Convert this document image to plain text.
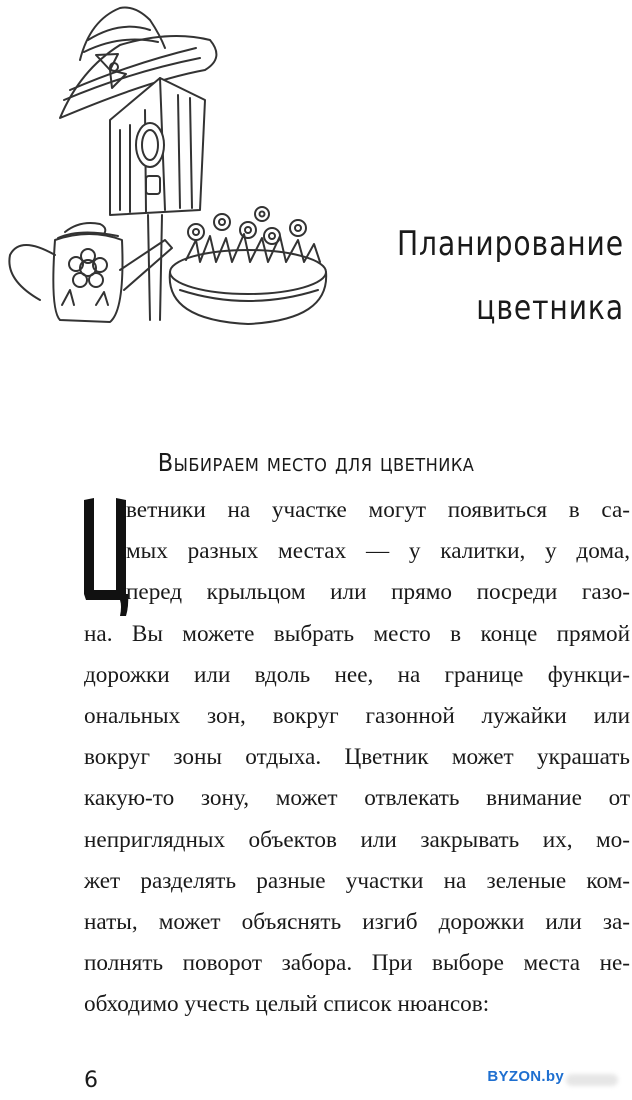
Планирование
цветника
Выбираем место для цветника
ветники на участке могут появиться в са-
мых разных местах — у калитки, у дома,
перед крыльцом или прямо посреди газо-
на. Вы можете выбрать место в конце прямой
дорожки или вдоль нее, на границе функци-
ональных зон, вокруг газонной лужайки или
вокруг зоны отдыха. Цветник может украшать
какую-то зону, может отвлекать внимание от
неприглядных объектов или закрывать их, мо-
жет разделять разные участки на зеленые ком-
наты, может объяснять изгиб дорожки или за-
полнять поворот забора. При выборе места не-
обходимо учесть целый список нюансов:
6	BYZON.by
